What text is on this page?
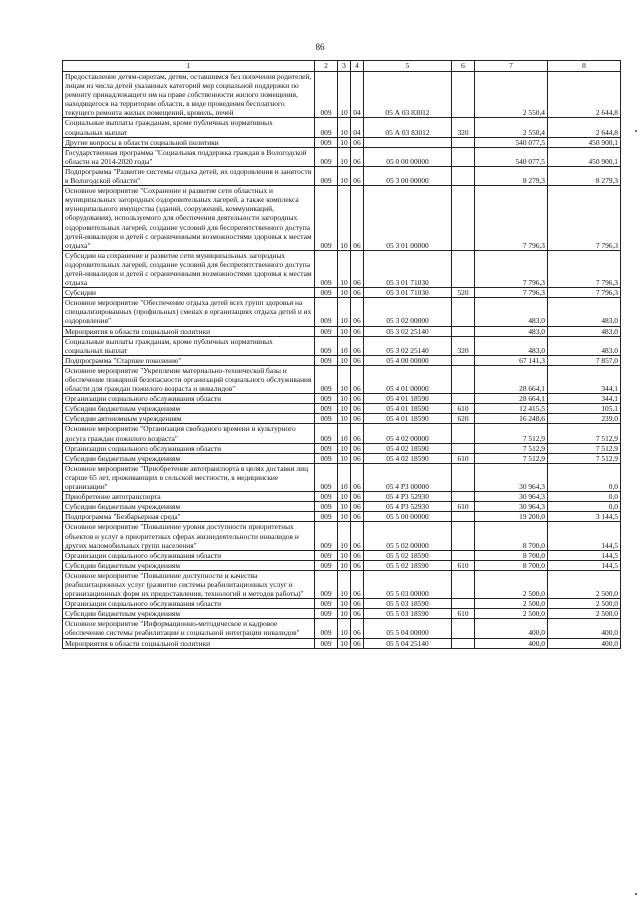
86
1	2	3	4	5	6	7	8
Предоставление детям-сиротам, детям, оставшимся без попечения родителей, лицам из числа детей указанных категорий мер социальной поддержки по ремонту принадлежащего им на праве собственности жилого помещения, находящегося на территории области, в виде проведения бесплатного текущего ремонта жилых помещений, кровель, печей	009	10	04	05 А 03 83012		2 550,4	2 644,8
Социальные выплаты гражданам, кроме публичных нормативных социальных выплат	009	10	04	05 А 03 83012	320	2 550,4	2 644,8
Другие вопросы в области социальной политики	009	10	06			540 077,5	450 900,1
Государственная программа "Социальная поддержка граждан в Вологодской области на 2014-2020 годы"	009	10	06	05 0 00 00000		540 077,5	450 900,1
Подпрограмма "Развитие системы отдыха детей, их оздоровления и занятости в Вологодской области"	009	10	06	05 3 00 00000		8 279,3	8 279,3
Основное мероприятие "Сохранение и развитие сети областных и муниципальных загородных оздоровительных лагерей, а также комплекса муниципального имущества (зданий, сооружений, коммуникаций, оборудования), используемого для обеспечения деятельности загородных оздоровительных лагерей, создание условий для беспрепятственного доступа детей-инвалидов и детей с ограниченными возможностями здоровья к местам отдыха"	009	10	06	05 3 01 00000		7 796,3	7 796,3
Субсидии на сохранение и развитие сети муниципальных загородных оздоровительных лагерей, создание условий для беспрепятственного доступа детей-инвалидов и детей с ограниченными возможностями здоровья к местам отдыха	009	10	06	05 3 01 71030		7 796,3	7 796,3
Субсидии	009	10	06	05 3 01 71030	520	7 796,3	7 796,3
Основное мероприятие "Обеспечение отдыха детей всех групп здоровья на специализированных (профильных) сменах в организациях отдыха детей и их оздоровления"	009	10	06	05 3 02 00000		483,0	483,0
Мероприятия в области социальной политики	009	10	06	05 3 02 25140		483,0	483,0
Социальные выплаты гражданам, кроме публичных нормативных социальных выплат	009	10	06	05 3 02 25140	320	483,0	483,0
Подпрограмма "Старшее поколение"	009	10	06	05 4 00 00000		67 141,3	7 857,0
Основное мероприятие "Укрепление материально-технической базы и обеспечение пожарной безопасности организаций социального обслуживания области для граждан пожилого возраста и инвалидов"	009	10	06	05 4 01 00000		28 664,1	344,1
Организации социального обслуживания области	009	10	06	05 4 01 18590		28 664,1	344,1
Субсидии бюджетным учреждениям	009	10	06	05 4 01 18590	610	12 415,5	105,1
Субсидии автономным учреждениям	009	10	06	05 4 01 18590	620	16 248,6	239,0
Основное мероприятие "Организация свободного времени и культурного досуга граждан пожилого возраста"	009	10	06	05 4 02 00000		7 512,9	7 512,9
Организации социального обслуживания области	009	10	06	05 4 02 18590		7 512,9	7 512,9
Субсидии бюджетным учреждениям	009	10	06	05 4 02 18590	610	7 512,9	7 512,9
Основное мероприятие "Приобретение автотранспорта в целях доставки лиц старше 65 лет, проживающих в сельской местности, в медицинские организации"	009	10	06	05 4 Р3 00000		30 964,3	0,0
Приобретение автотранспорта	009	10	06	05 4 Р3 52930		30 964,3	0,0
Субсидии бюджетным учреждениям	009	10	06	05 4 Р3 52930	610	30 964,3	0,0
Подпрограмма "Безбарьерная среда"	009	10	06	05 5 00 00000		19 200,0	3 144,5
Основное мероприятие "Повышение уровня доступности приоритетных объектов и услуг в приоритетных сферах жизнедеятельности инвалидов и других маломобильных групп населения"	009	10	06	05 5 02 00000		8 700,0	144,5
Организации социального обслуживания области	009	10	06	05 5 02 18590		8 700,0	144,5
Субсидии бюджетным учреждениям	009	10	06	05 5 02 18590	610	8 700,0	144,5
Основное мероприятие "Повышение доступности и качества реабилитационных услуг (развитие системы реабилитационных услуг и организационных форм их предоставления, технологий и методов работы)"	009	10	06	05 5 03 00000		2 500,0	2 500,0
Организации социального обслуживания области	009	10	06	05 5 03 18590		2 500,0	2 500,0
Субсидии бюджетным учреждениям	009	10	06	05 5 03 18590	610	2 500,0	2 500,0
Основное мероприятие "Информационно-методическое и кадровое обеспечение системы реабилитации и социальной интеграции инвалидов"	009	10	06	05 5 04 00000		400,0	400,0
Мероприятия в области социальной политики	009	10	06	05 5 04 25140		400,0	400,0
